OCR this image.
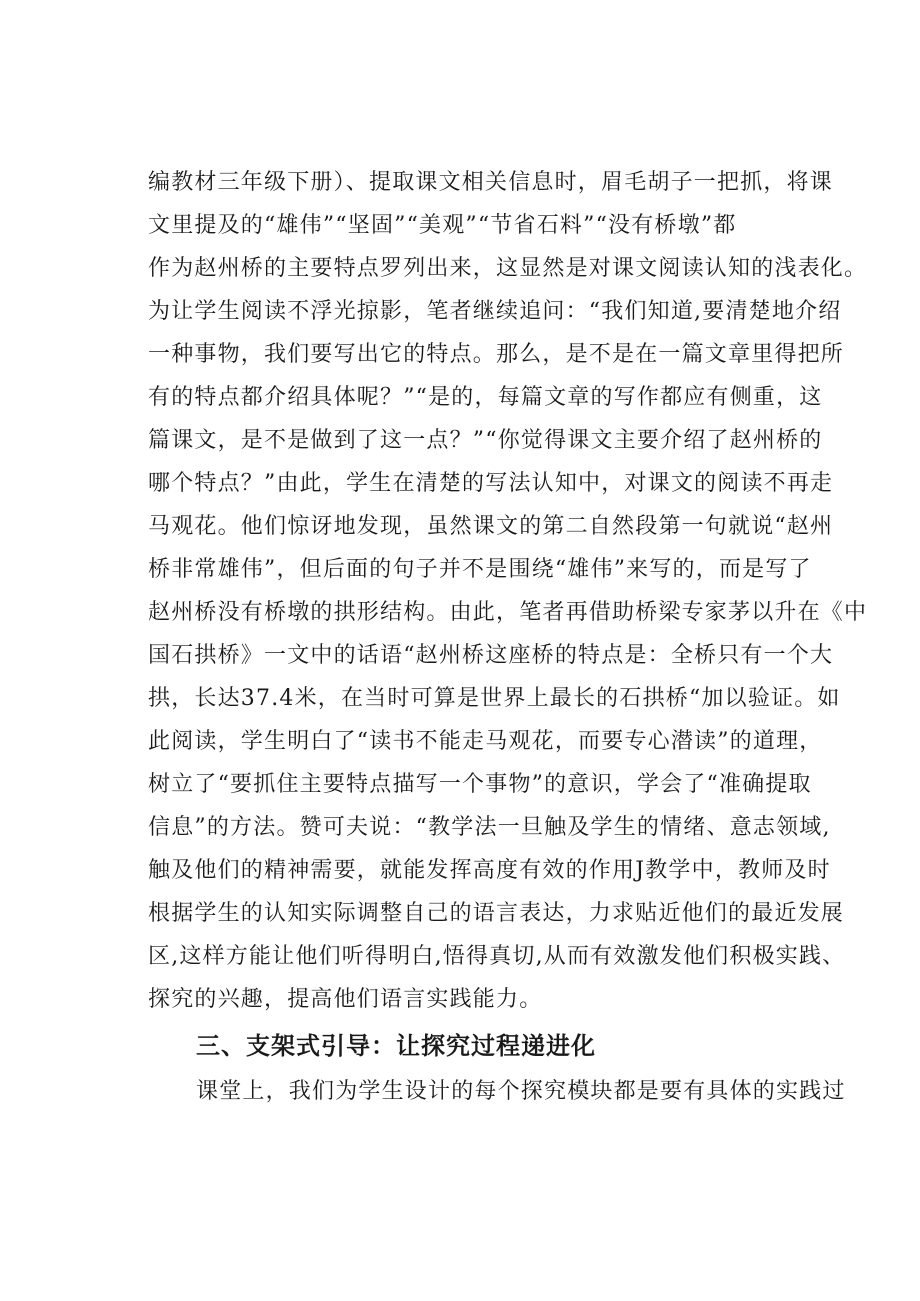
编教材三年级下册）、提取课文相关信息时，眉毛胡子一把抓，将课
文里提及的“雄伟”“坚固”“美观”“节省石料”“没有桥墩”都
作为赵州桥的主要特点罗列出来，这显然是对课文阅读认知的浅表化。
为让学生阅读不浮光掠影，笔者继续追问：“我们知道,要清楚地介绍
一种事物，我们要写出它的特点。那么，是不是在一篇文章里得把所
有的特点都介绍具体呢？”“是的，每篇文章的写作都应有侧重，这
篇课文，是不是做到了这一点？”“你觉得课文主要介绍了赵州桥的
哪个特点？”由此，学生在清楚的写法认知中，对课文的阅读不再走
马观花。他们惊讶地发现，虽然课文的第二自然段第一句就说“赵州
桥非常雄伟”，但后面的句子并不是围绕“雄伟”来写的，而是写了
赵州桥没有桥墩的拱形结构。由此，笔者再借助桥梁专家茅以升在《中
国石拱桥》一文中的话语“赵州桥这座桥的特点是：全桥只有一个大
拱，长达37.4米，在当时可算是世界上最长的石拱桥“加以验证。如
此阅读，学生明白了“读书不能走马观花，而要专心潜读”的道理，
树立了“要抓住主要特点描写一个事物”的意识，学会了“准确提取
信息”的方法。赞可夫说：“教学法一旦触及学生的情绪、意志领域,
触及他们的精神需要，就能发挥高度有效的作用J教学中，教师及时
根据学生的认知实际调整自己的语言表达，力求贴近他们的最近发展
区,这样方能让他们听得明白,悟得真切,从而有效激发他们积极实践、
探究的兴趣，提高他们语言实践能力。
三、支架式引导：让探究过程递进化
课堂上，我们为学生设计的每个探究模块都是要有具体的实践过
